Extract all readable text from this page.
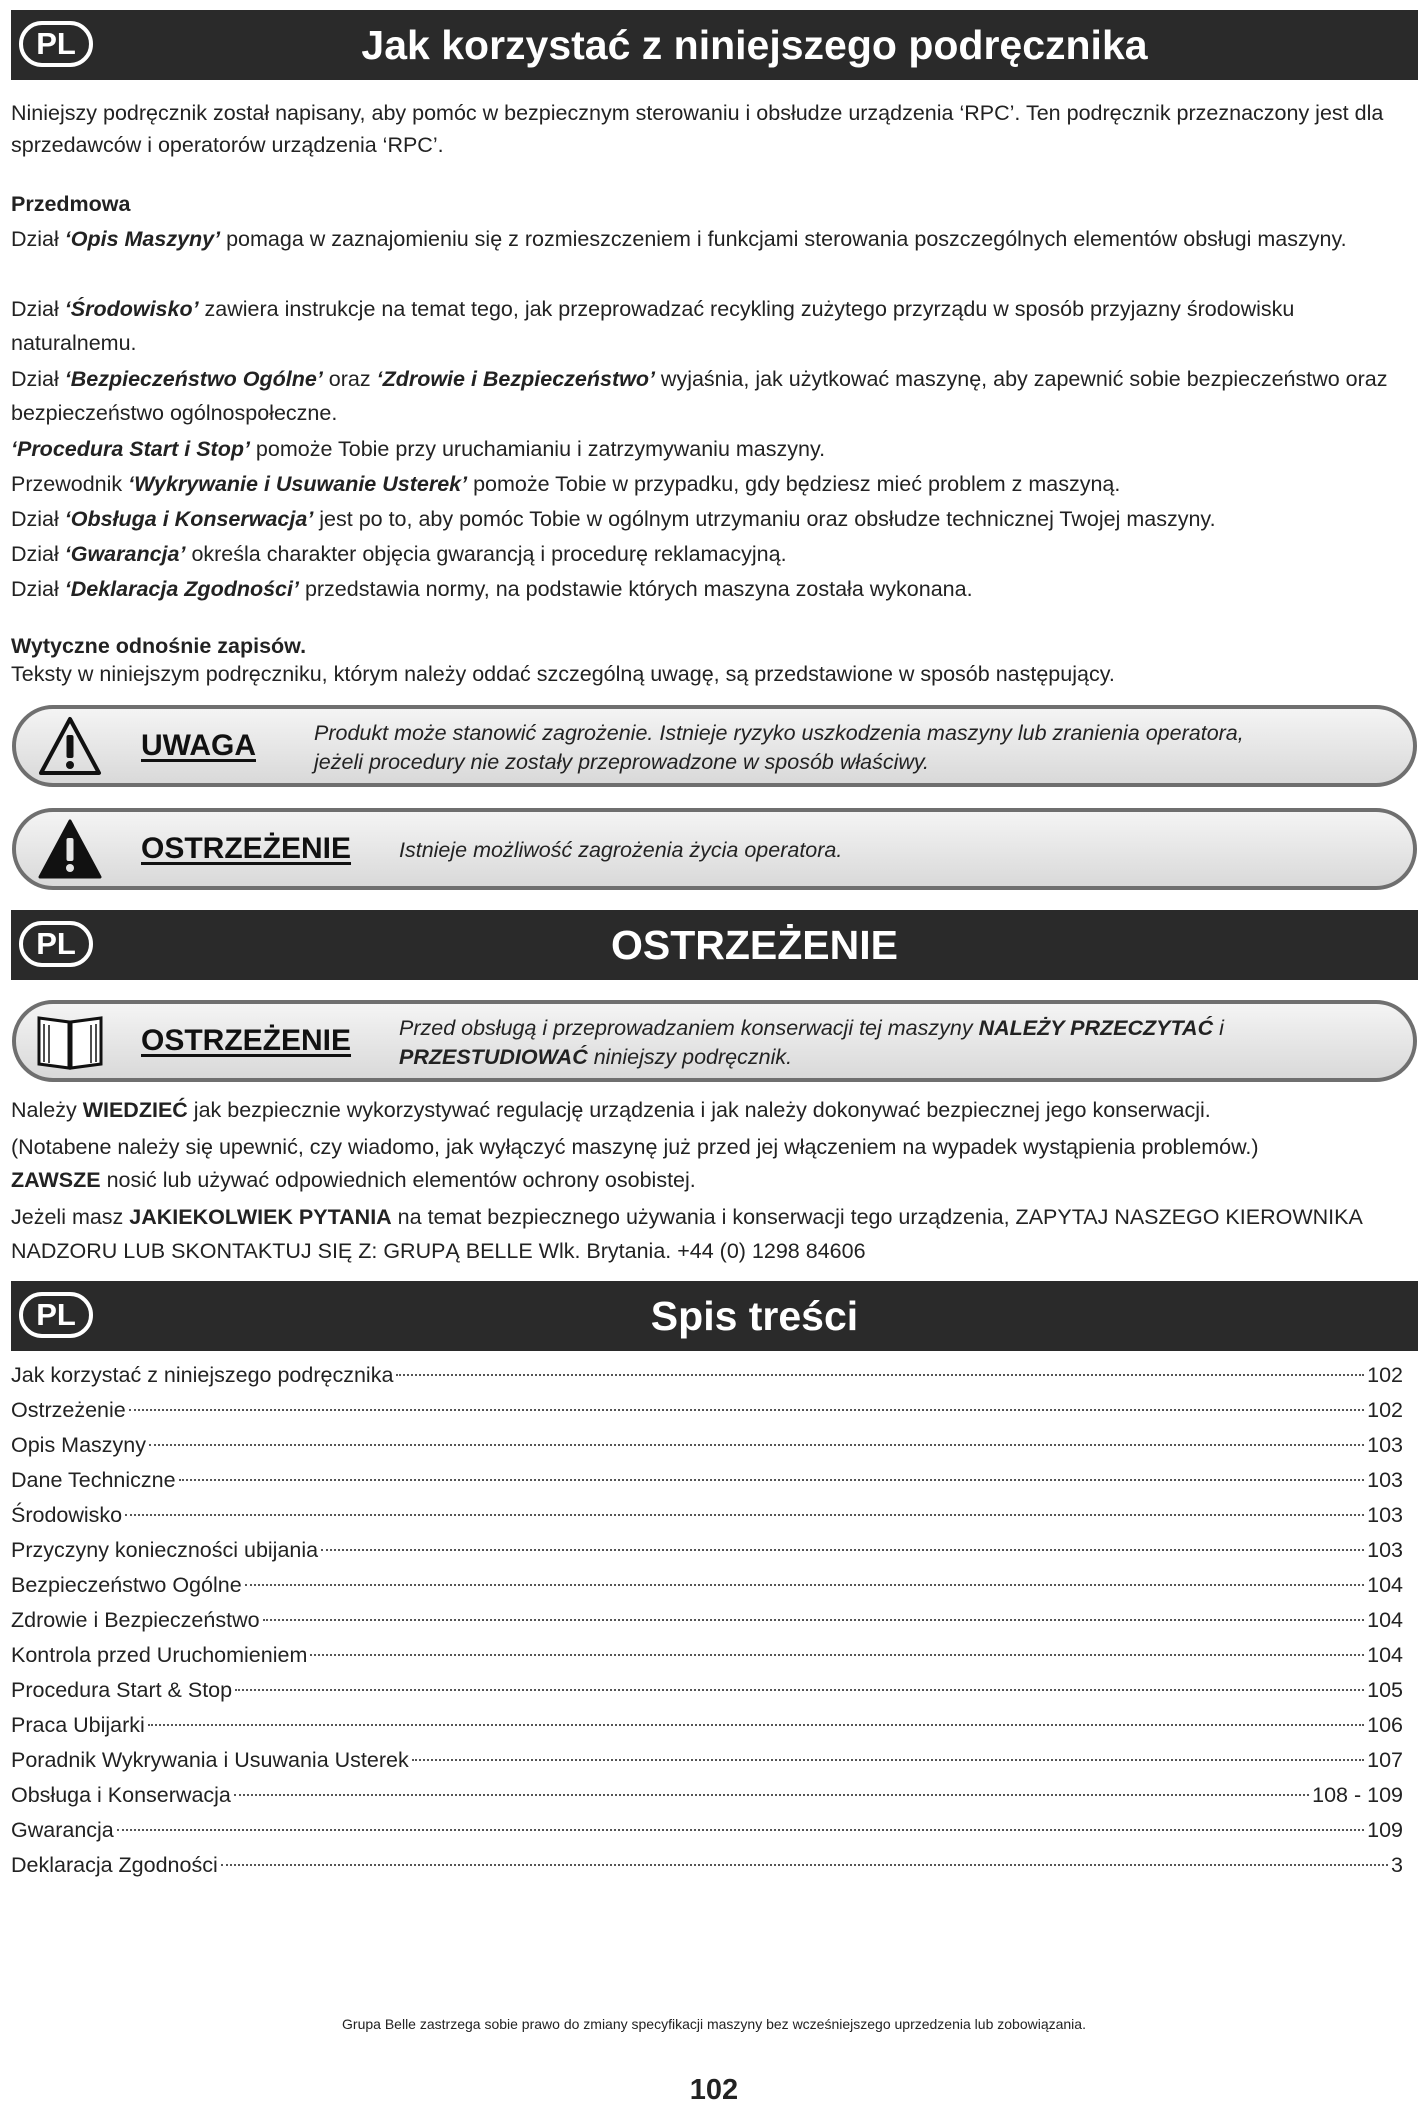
PL	Jak korzystać z niniejszego podręcznika

Niniejszy podręcznik został napisany, aby pomóc w bezpiecznym sterowaniu i obsłudze urządzenia ‘RPC’. Ten podręcznik przeznaczony jest dla sprzedawców i operatorów urządzenia ‘RPC’.

Przedmowa
Dział ‘Opis Maszyny’ pomaga w zaznajomieniu się z rozmieszczeniem i funkcjami sterowania poszczególnych elementów obsługi maszyny.
Dział ‘Środowisko’ zawiera instrukcje na temat tego, jak przeprowadzać recykling zużytego przyrządu w sposób przyjazny środowisku naturalnemu.
Dział ‘Bezpieczeństwo Ogólne’ oraz ‘Zdrowie i Bezpieczeństwo’ wyjaśnia, jak użytkować maszynę, aby zapewnić sobie bezpieczeństwo oraz bezpieczeństwo ogólnospołeczne.
‘Procedura Start i Stop’ pomoże Tobie przy uruchamianiu i zatrzymywaniu maszyny.
Przewodnik ‘Wykrywanie i Usuwanie Usterek’ pomoże Tobie w przypadku, gdy będziesz mieć problem z maszyną.
Dział ‘Obsługa i Konserwacja’ jest po to, aby pomóc Tobie w ogólnym utrzymaniu oraz obsłudze technicznej Twojej maszyny.
Dział ‘Gwarancja’ określa charakter objęcia gwarancją i procedurę reklamacyjną.
Dział ‘Deklaracja Zgodności’ przedstawia normy, na podstawie których maszyna została wykonana.
Wytyczne odnośnie zapisów.
Teksty w niniejszym podręczniku, którym należy oddać szczególną uwagę, są przedstawione w sposób następujący.
UWAGA	Produkt może stanowić zagrożenie. Istnieje ryzyko uszkodzenia maszyny lub zranienia operatora,
jeżeli procedury nie zostały przeprowadzone w sposób właściwy.
OSTRZEŻENIE Istnieje możliwość zagrożenia życia operatora.
PL	OSTRZEŻENIE
OSTRZEŻENIE Przed obsługą i przeprowadzaniem konserwacji tej maszyny NALEŻY PRZECZYTAĆ i
PRZESTUDIOWAĆ niniejszy podręcznik.
Należy WIEDZIEĆ jak bezpiecznie wykorzystywać regulację urządzenia i jak należy dokonywać bezpiecznej jego konserwacji.
(Notabene należy się upewnić, czy wiadomo, jak wyłączyć maszynę już przed jej włączeniem na wypadek wystąpienia problemów.)
ZAWSZE nosić lub używać odpowiednich elementów ochrony osobistej.
Jeżeli masz JAKIEKOLWIEK PYTANIA na temat bezpiecznego używania i konserwacji tego urządzenia, ZAPYTAJ NASZEGO KIEROWNIKA NADZORU LUB SKONTAKTUJ SIĘ Z: GRUPĄ BELLE Wlk. Brytania. +44 (0) 1298 84606
PL	Spis treści
Jak korzystać z niniejszego podręcznika	102
Ostrzeżenie	102
Opis Maszyny	103
Dane Techniczne	103
Środowisko	103
Przyczyny konieczności ubijania	103
Bezpieczeństwo Ogólne	104
Zdrowie i Bezpieczeństwo	104
Kontrola przed Uruchomieniem	104
Procedura Start & Stop	105
Praca Ubijarki	106
Poradnik Wykrywania i Usuwania Usterek	107
Obsługa i Konserwacja	108 - 109
Gwarancja	109
Deklaracja Zgodności	3
Grupa Belle zastrzega sobie prawo do zmiany specyfikacji maszyny bez wcześniejszego uprzedzenia lub zobowiązania.
102
